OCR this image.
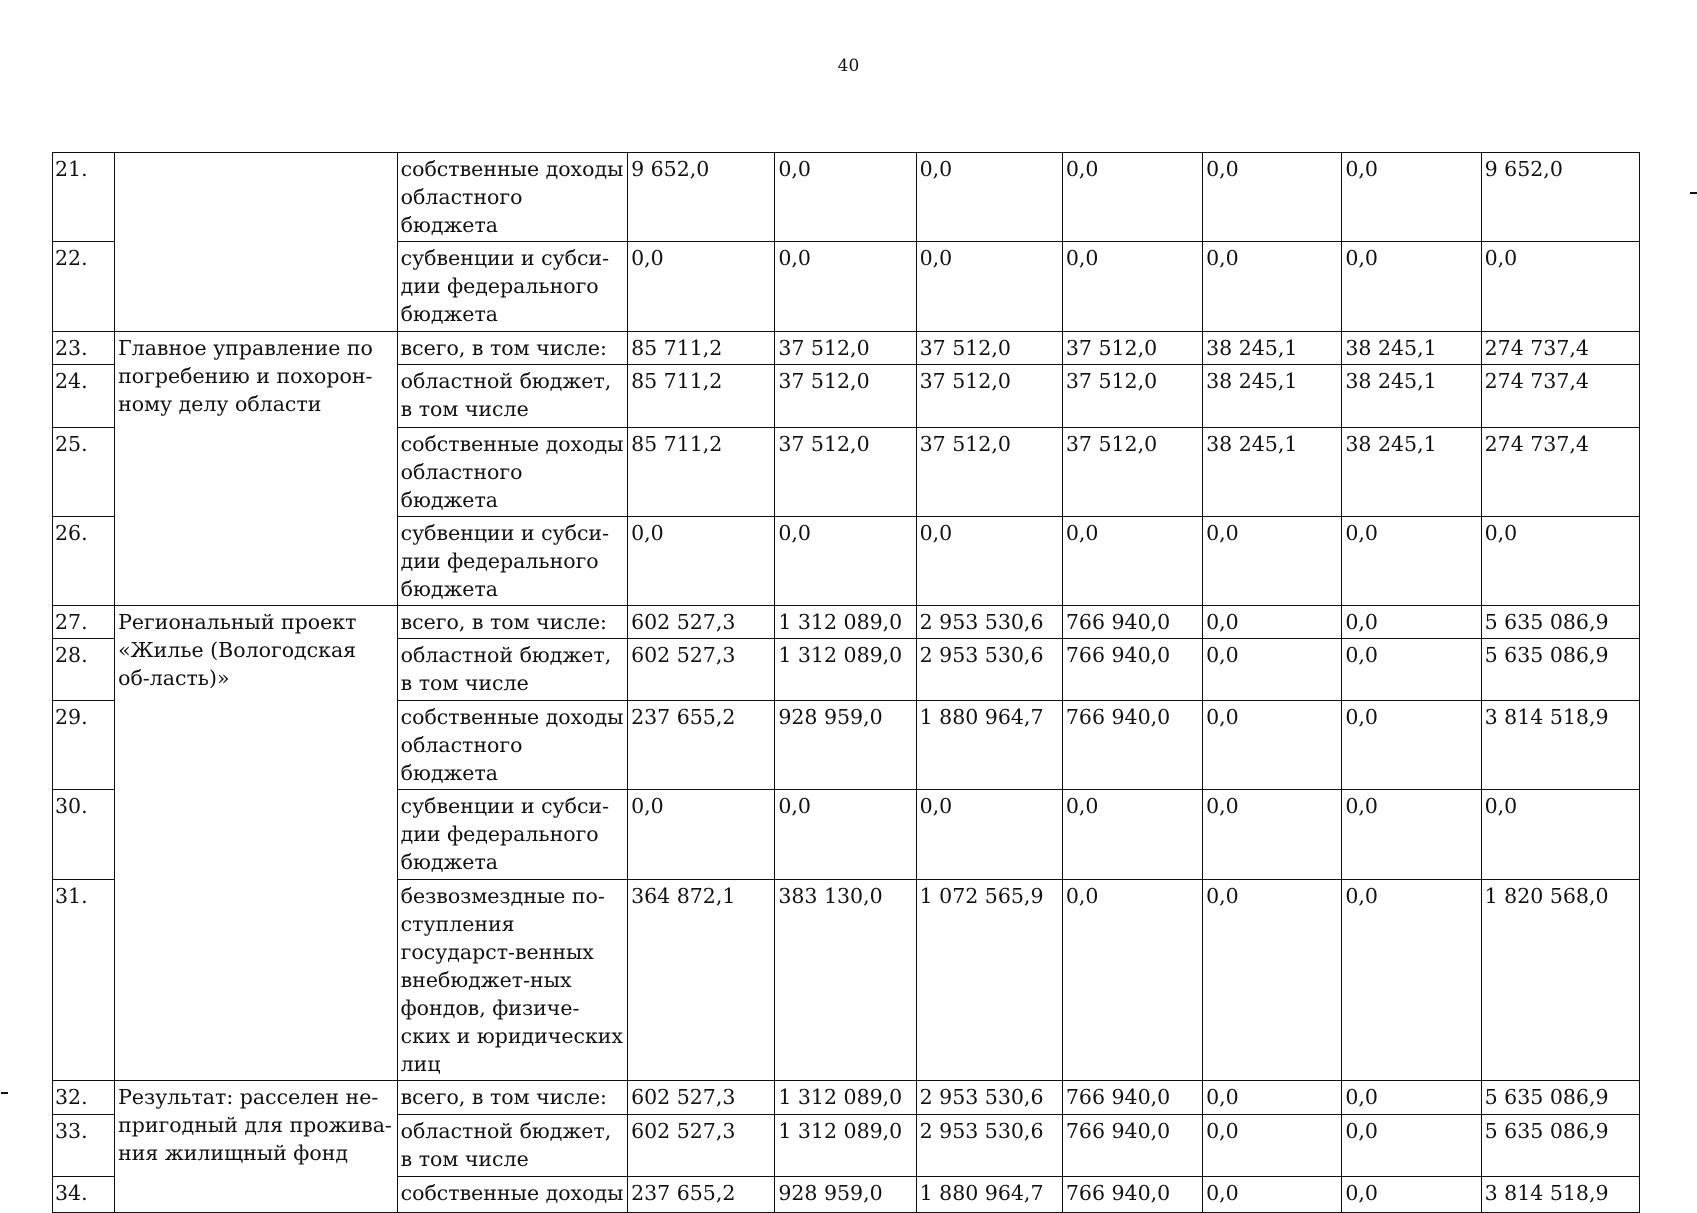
40
21.		собственные доходы областного бюджета	9 652,0	0,0	0,0	0,0	0,0	0,0	9 652,0
22.		субвенции и субси-дии федерального бюджета	0,0	0,0	0,0	0,0	0,0	0,0	0,0
23.	Главное управление по погребению и похорон-ному делу области	всего, в том числе:	85 711,2	37 512,0	37 512,0	37 512,0	38 245,1	38 245,1	274 737,4
24.		областной бюджет, в том числе	85 711,2	37 512,0	37 512,0	37 512,0	38 245,1	38 245,1	274 737,4
25.		собственные доходы областного бюджета	85 711,2	37 512,0	37 512,0	37 512,0	38 245,1	38 245,1	274 737,4
26.		субвенции и субси-дии федерального бюджета	0,0	0,0	0,0	0,0	0,0	0,0	0,0
27.	Региональный проект «Жилье (Вологодская об-ласть)»	всего, в том числе:	602 527,3	1 312 089,0	2 953 530,6	766 940,0	0,0	0,0	5 635 086,9
28.		областной бюджет, в том числе	602 527,3	1 312 089,0	2 953 530,6	766 940,0	0,0	0,0	5 635 086,9
29.		собственные доходы областного бюджета	237 655,2	928 959,0	1 880 964,7	766 940,0	0,0	0,0	3 814 518,9
30.		субвенции и субси-дии федерального бюджета	0,0	0,0	0,0	0,0	0,0	0,0	0,0
31.		безвозмездные по-ступления государст-венных внебюджет-ных фондов, физиче-ских и юридических лиц	364 872,1	383 130,0	1 072 565,9	0,0	0,0	0,0	1 820 568,0
32.	Результат: расселен не-пригодный для прожива-ния жилищный фонд	всего, в том числе:	602 527,3	1 312 089,0	2 953 530,6	766 940,0	0,0	0,0	5 635 086,9
33.		областной бюджет, в том числе	602 527,3	1 312 089,0	2 953 530,6	766 940,0	0,0	0,0	5 635 086,9
34.		собственные доходы	237 655,2	928 959,0	1 880 964,7	766 940,0	0,0	0,0	3 814 518,9
